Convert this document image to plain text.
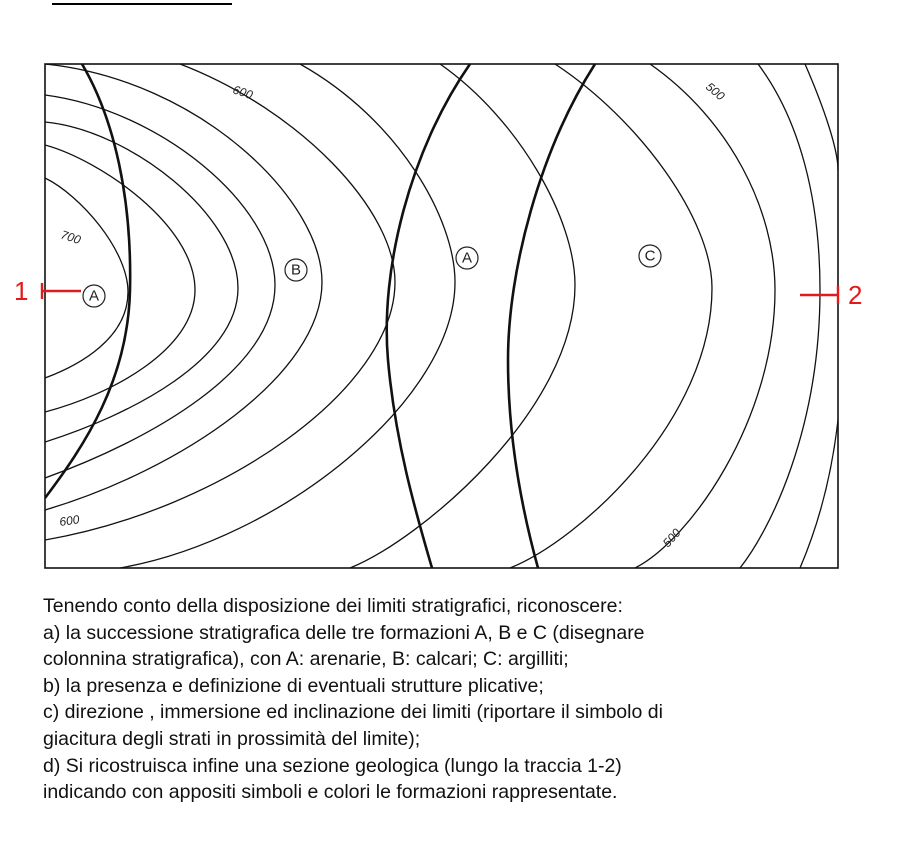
600	500
700
600
500
A
B
A	C
1	2
Tenendo conto della disposizione dei limiti stratigrafici, riconoscere:
a) la successione stratigrafica delle tre formazioni A, B e C (disegnare
colonnina stratigrafica), con A: arenarie, B: calcari; C: argilliti;
b) la presenza e definizione di eventuali strutture plicative;
c) direzione , immersione ed inclinazione dei limiti (riportare il simbolo di
giacitura degli strati in prossimità del limite);
d) Si ricostruisca infine una sezione geologica (lungo la traccia 1-2)
indicando con appositi simboli e colori le formazioni rappresentate.
